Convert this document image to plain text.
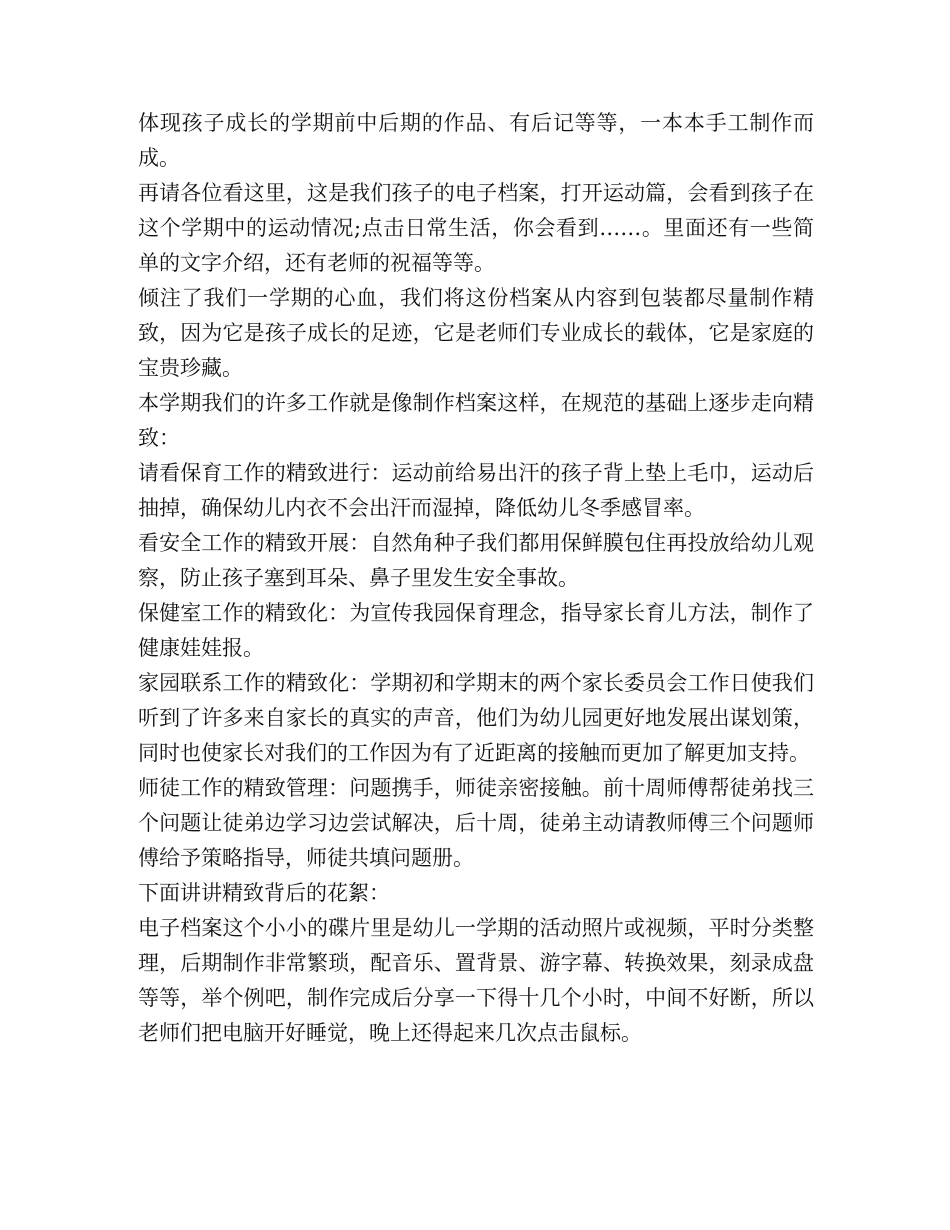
体现孩子成长的学期前中后期的作品、有后记等等，一本本手工制作而成。

再请各位看这里，这是我们孩子的电子档案，打开运动篇，会看到孩子在这个学期中的运动情况;点击日常生活，你会看到……。里面还有一些简单的文字介绍，还有老师的祝福等等。

倾注了我们一学期的心血，我们将这份档案从内容到包装都尽量制作精致，因为它是孩子成长的足迹，它是老师们专业成长的载体，它是家庭的宝贵珍藏。

本学期我们的许多工作就是像制作档案这样，在规范的基础上逐步走向精致：

请看保育工作的精致进行：运动前给易出汗的孩子背上垫上毛巾，运动后抽掉，确保幼儿内衣不会出汗而湿掉，降低幼儿冬季感冒率。

看安全工作的精致开展：自然角种子我们都用保鲜膜包住再投放给幼儿观察，防止孩子塞到耳朵、鼻子里发生安全事故。

保健室工作的精致化：为宣传我园保育理念，指导家长育儿方法，制作了健康娃娃报。

家园联系工作的精致化：学期初和学期末的两个家长委员会工作日使我们听到了许多来自家长的真实的声音，他们为幼儿园更好地发展出谋划策，同时也使家长对我们的工作因为有了近距离的接触而更加了解更加支持。

师徒工作的精致管理：问题携手，师徒亲密接触。前十周师傅帮徒弟找三个问题让徒弟边学习边尝试解决，后十周，徒弟主动请教师傅三个问题师傅给予策略指导，师徒共填问题册。

下面讲讲精致背后的花絮：

电子档案这个小小的碟片里是幼儿一学期的活动照片或视频，平时分类整理，后期制作非常繁琐，配音乐、置背景、游字幕、转换效果，刻录成盘等等，举个例吧，制作完成后分享一下得十几个小时，中间不好断，所以老师们把电脑开好睡觉，晚上还得起来几次点击鼠标。
